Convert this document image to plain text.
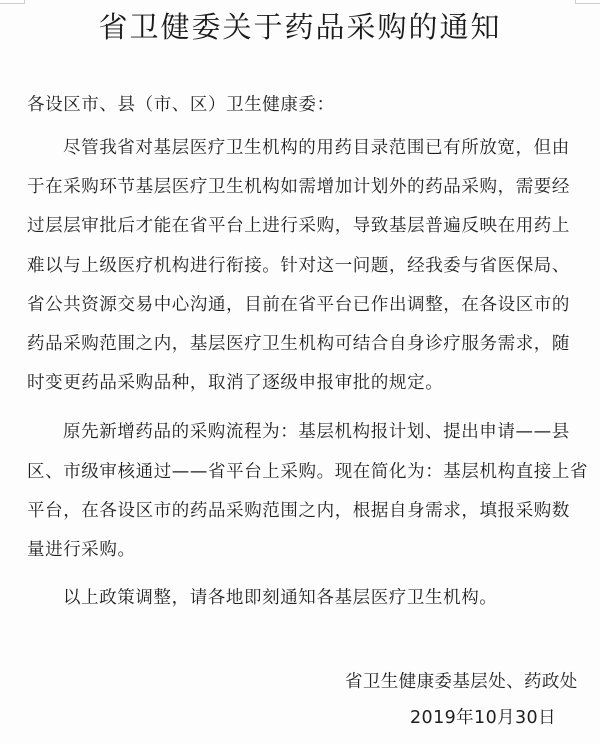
省卫健委关于药品采购的通知
各设区市、县（市、区）卫生健康委：
尽管我省对基层医疗卫生机构的用药目录范围已有所放宽，但由
于在采购环节基层医疗卫生机构如需增加计划外的药品采购，需要经
过层层审批后才能在省平台上进行采购，导致基层普遍反映在用药上
难以与上级医疗机构进行衔接。针对这一问题，经我委与省医保局、
省公共资源交易中心沟通，目前在省平台已作出调整，在各设区市的
药品采购范围之内，基层医疗卫生机构可结合自身诊疗服务需求，随
时变更药品采购品种，取消了逐级申报审批的规定。
原先新增药品的采购流程为：基层机构报计划、提出申请——县
区、市级审核通过——省平台上采购。现在简化为：基层机构直接上省
平台，在各设区市的药品采购范围之内，根据自身需求，填报采购数
量进行采购。
以上政策调整，请各地即刻通知各基层医疗卫生机构。
省卫生健康委基层处、药政处
2019年10月30日
